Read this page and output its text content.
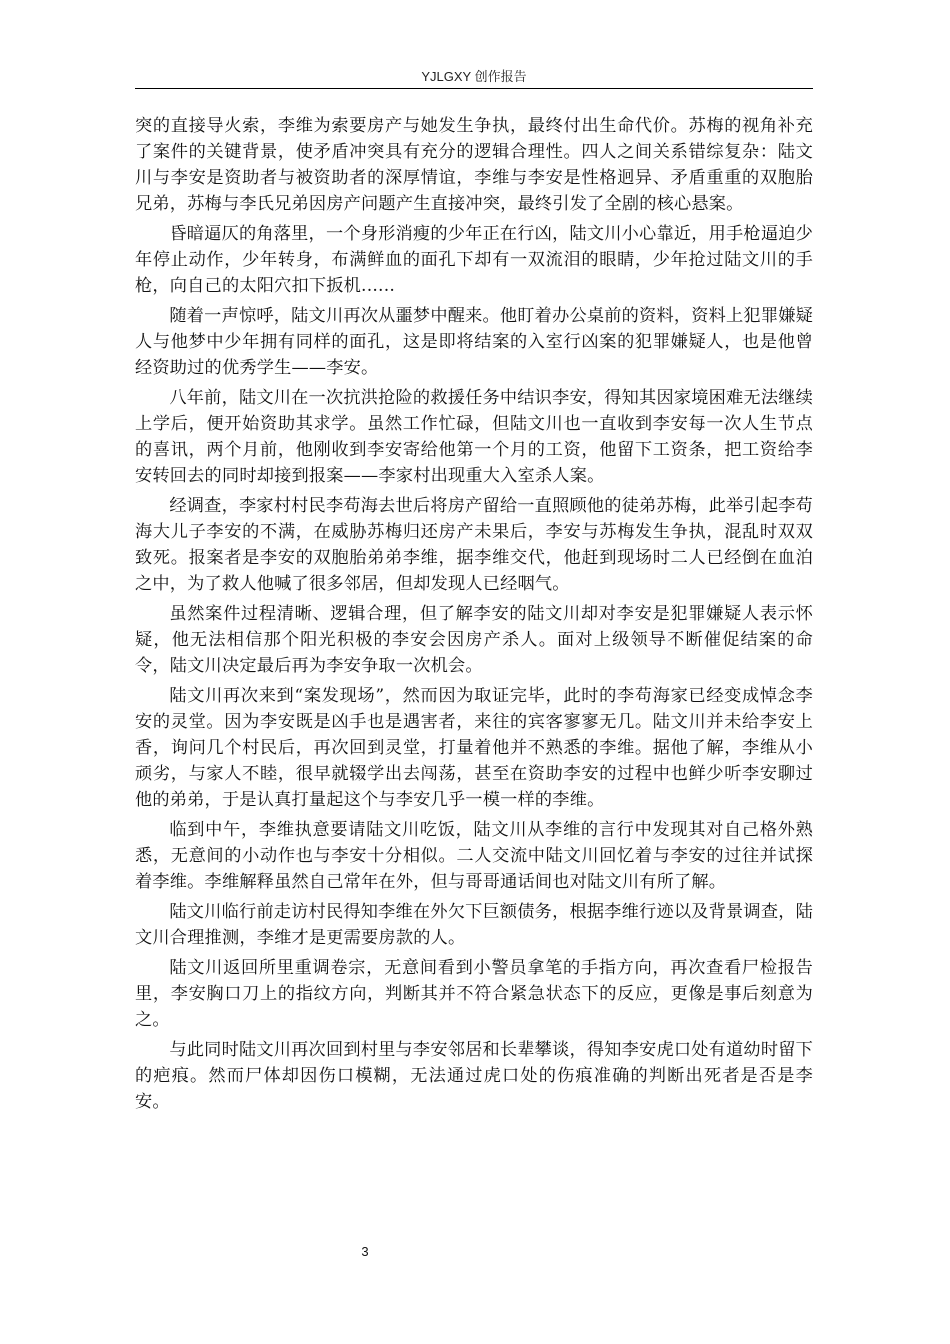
YJLGXY 创作报告

突的直接导火索，李维为索要房产与她发生争执，最终付出生命代价。苏梅的视角补充了案件的关键背景，使矛盾冲突具有充分的逻辑合理性。四人之间关系错综复杂：陆文川与李安是资助者与被资助者的深厚情谊，李维与李安是性格迥异、矛盾重重的双胞胎兄弟，苏梅与李氏兄弟因房产问题产生直接冲突，最终引发了全剧的核心悬案。

昏暗逼仄的角落里，一个身形消瘦的少年正在行凶，陆文川小心靠近，用手枪逼迫少年停止动作，少年转身，布满鲜血的面孔下却有一双流泪的眼睛，少年抢过陆文川的手枪，向自己的太阳穴扣下扳机......

随着一声惊呼，陆文川再次从噩梦中醒来。他盯着办公桌前的资料，资料上犯罪嫌疑人与他梦中少年拥有同样的面孔，这是即将结案的入室行凶案的犯罪嫌疑人，也是他曾经资助过的优秀学生——李安。

八年前，陆文川在一次抗洪抢险的救援任务中结识李安，得知其因家境困难无法继续上学后，便开始资助其求学。虽然工作忙碌，但陆文川也一直收到李安每一次人生节点的喜讯，两个月前，他刚收到李安寄给他第一个月的工资，他留下工资条，把工资给李安转回去的同时却接到报案——李家村出现重大入室杀人案。

经调查，李家村村民李苟海去世后将房产留给一直照顾他的徒弟苏梅，此举引起李苟海大儿子李安的不满，在威胁苏梅归还房产未果后，李安与苏梅发生争执，混乱时双双致死。报案者是李安的双胞胎弟弟李维，据李维交代，他赶到现场时二人已经倒在血泊之中，为了救人他喊了很多邻居，但却发现人已经咽气。

虽然案件过程清晰、逻辑合理，但了解李安的陆文川却对李安是犯罪嫌疑人表示怀疑，他无法相信那个阳光积极的李安会因房产杀人。面对上级领导不断催促结案的命令，陆文川决定最后再为李安争取一次机会。

陆文川再次来到“案发现场”，然而因为取证完毕，此时的李苟海家已经变成悼念李安的灵堂。因为李安既是凶手也是遇害者，来往的宾客寥寥无几。陆文川并未给李安上香，询问几个村民后，再次回到灵堂，打量着他并不熟悉的李维。据他了解，李维从小顽劣，与家人不睦，很早就辍学出去闯荡，甚至在资助李安的过程中也鲜少听李安聊过他的弟弟，于是认真打量起这个与李安几乎一模一样的李维。

临到中午，李维执意要请陆文川吃饭，陆文川从李维的言行中发现其对自己格外熟悉，无意间的小动作也与李安十分相似。二人交流中陆文川回忆着与李安的过往并试探着李维。李维解释虽然自己常年在外，但与哥哥通话间也对陆文川有所了解。

陆文川临行前走访村民得知李维在外欠下巨额债务，根据李维行迹以及背景调查，陆文川合理推测，李维才是更需要房款的人。

陆文川返回所里重调卷宗，无意间看到小警员拿笔的手指方向，再次查看尸检报告里，李安胸口刀上的指纹方向，判断其并不符合紧急状态下的反应，更像是事后刻意为之。

与此同时陆文川再次回到村里与李安邻居和长辈攀谈，得知李安虎口处有道幼时留下的疤痕。然而尸体却因伤口模糊，无法通过虎口处的伤痕准确的判断出死者是否是李安。

3
